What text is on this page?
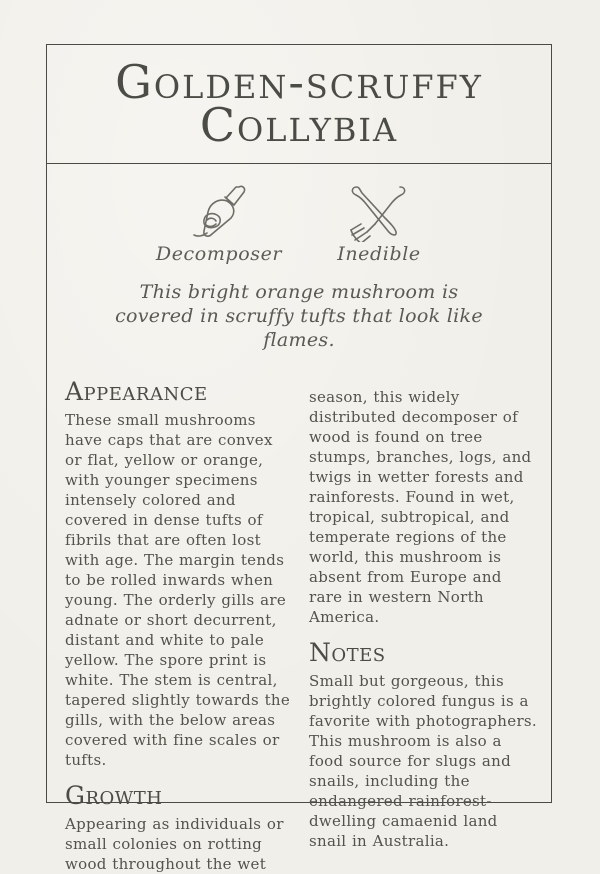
Golden-scruffy
Collybia
Decomposer	Inedible

This bright orange mushroom is covered in scruffy tufts that look like flames.

Appearance

These small mushrooms have caps that are convex or flat, yellow or orange, with younger specimens intensely colored and covered in dense tufts of fibrils that are often lost with age. The margin tends to be rolled inwards when young. The orderly gills are adnate or short decurrent, distant and white to pale yellow. The spore print is white. The stem is central, tapered slightly towards the gills, with the below areas covered with fine scales or tufts.

Growth

Appearing as individuals or small colonies on rotting wood throughout the wet

season, this widely distributed decomposer of wood is found on tree stumps, branches, logs, and twigs in wetter forests and rainforests. Found in wet, tropical, subtropical, and temperate regions of the world, this mushroom is absent from Europe and rare in western North America.

Notes

Small but gorgeous, this brightly colored fungus is a favorite with photographers. This mushroom is also a food source for slugs and snails, including the endangered rainforest-dwelling camaenid land snail in Australia.
